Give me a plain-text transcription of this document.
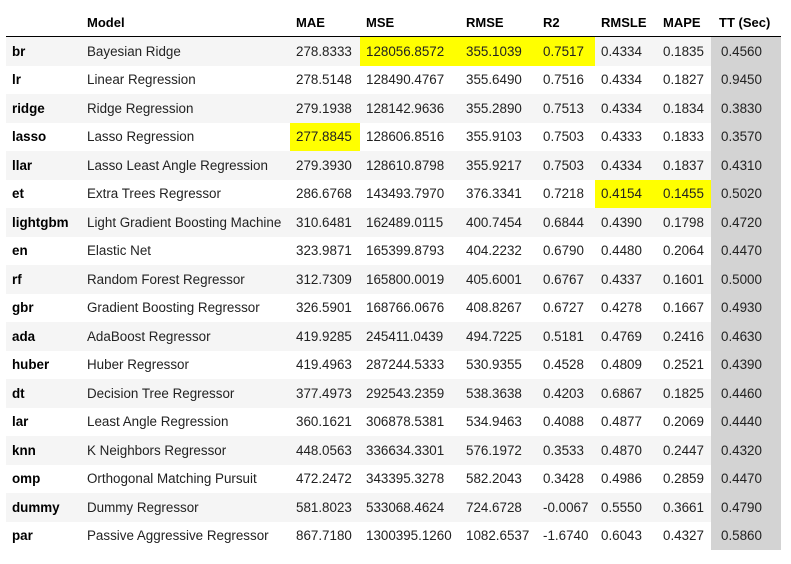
	Model	MAE	MSE	RMSE	R2	RMSLE	MAPE	TT (Sec)
br	Bayesian Ridge	278.8333	128056.8572	355.1039	0.7517	0.4334	0.1835	0.4560
lr	Linear Regression	278.5148	128490.4767	355.6490	0.7516	0.4334	0.1827	0.9450
ridge	Ridge Regression	279.1938	128142.9636	355.2890	0.7513	0.4334	0.1834	0.3830
lasso	Lasso Regression	277.8845	128606.8516	355.9103	0.7503	0.4333	0.1833	0.3570
llar	Lasso Least Angle Regression	279.3930	128610.8798	355.9217	0.7503	0.4334	0.1837	0.4310
et	Extra Trees Regressor	286.6768	143493.7970	376.3341	0.7218	0.4154	0.1455	0.5020
lightgbm	Light Gradient Boosting Machine	310.6481	162489.0115	400.7454	0.6844	0.4390	0.1798	0.4720
en	Elastic Net	323.9871	165399.8793	404.2232	0.6790	0.4480	0.2064	0.4470
rf	Random Forest Regressor	312.7309	165800.0019	405.6001	0.6767	0.4337	0.1601	0.5000
gbr	Gradient Boosting Regressor	326.5901	168766.0676	408.8267	0.6727	0.4278	0.1667	0.4930
ada	AdaBoost Regressor	419.9285	245411.0439	494.7225	0.5181	0.4769	0.2416	0.4630
huber	Huber Regressor	419.4963	287244.5333	530.9355	0.4528	0.4809	0.2521	0.4390
dt	Decision Tree Regressor	377.4973	292543.2359	538.3638	0.4203	0.6867	0.1825	0.4460
lar	Least Angle Regression	360.1621	306878.5381	534.9463	0.4088	0.4877	0.2069	0.4440
knn	K Neighbors Regressor	448.0563	336634.3301	576.1972	0.3533	0.4870	0.2447	0.4320
omp	Orthogonal Matching Pursuit	472.2472	343395.3278	582.2043	0.3428	0.4986	0.2859	0.4470
dummy	Dummy Regressor	581.8023	533068.4624	724.6728	-0.0067	0.5550	0.3661	0.4790
par	Passive Aggressive Regressor	867.7180	1300395.1260	1082.6537	-1.6740	0.6043	0.4327	0.5860
